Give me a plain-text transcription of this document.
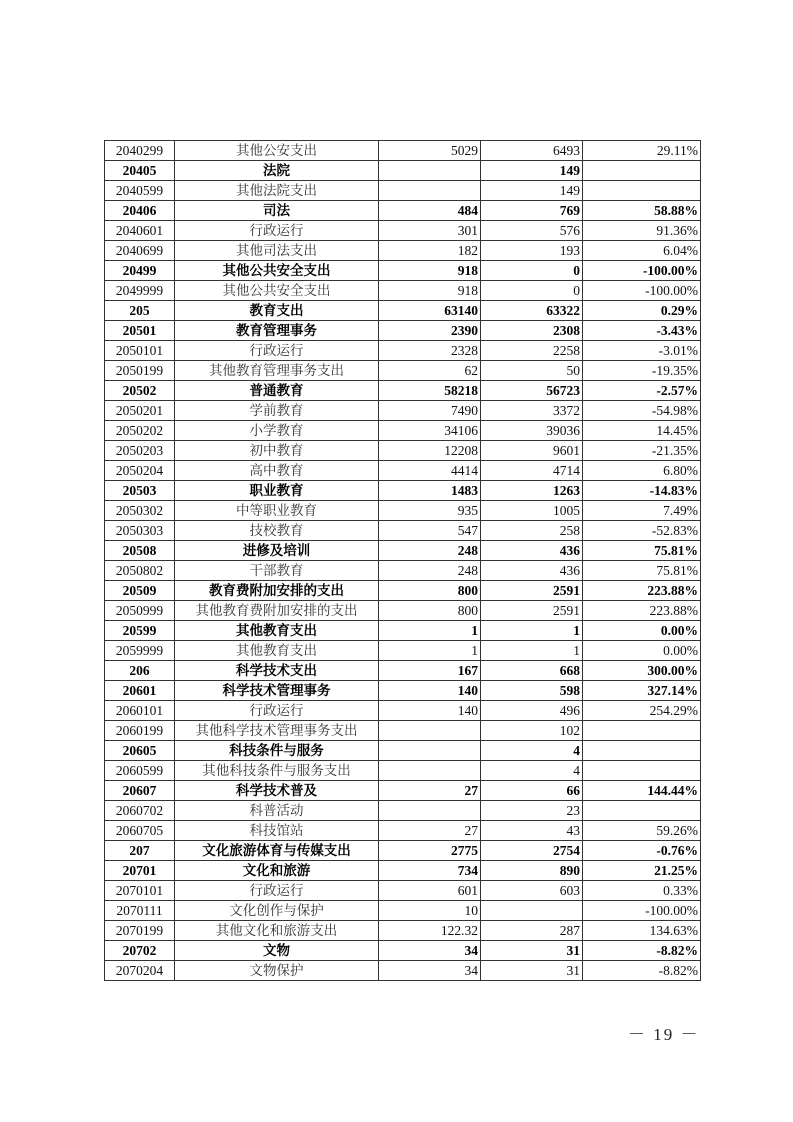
2040299	其他公安支出	5029	6493	29.11%
20405	法院		149	
2040599	其他法院支出		149	
20406	司法	484	769	58.88%
2040601	行政运行	301	576	91.36%
2040699	其他司法支出	182	193	6.04%
20499	其他公共安全支出	918	0	-100.00%
2049999	其他公共安全支出	918	0	-100.00%
205	教育支出	63140	63322	0.29%
20501	教育管理事务	2390	2308	-3.43%
2050101	行政运行	2328	2258	-3.01%
2050199	其他教育管理事务支出	62	50	-19.35%
20502	普通教育	58218	56723	-2.57%
2050201	学前教育	7490	3372	-54.98%
2050202	小学教育	34106	39036	14.45%
2050203	初中教育	12208	9601	-21.35%
2050204	高中教育	4414	4714	6.80%
20503	职业教育	1483	1263	-14.83%
2050302	中等职业教育	935	1005	7.49%
2050303	技校教育	547	258	-52.83%
20508	进修及培训	248	436	75.81%
2050802	干部教育	248	436	75.81%
20509	教育费附加安排的支出	800	2591	223.88%
2050999	其他教育费附加安排的支出	800	2591	223.88%
20599	其他教育支出	1	1	0.00%
2059999	其他教育支出	1	1	0.00%
206	科学技术支出	167	668	300.00%
20601	科学技术管理事务	140	598	327.14%
2060101	行政运行	140	496	254.29%
2060199	其他科学技术管理事务支出		102	
20605	科技条件与服务		4	
2060599	其他科技条件与服务支出		4	
20607	科学技术普及	27	66	144.44%
2060702	科普活动		23	
2060705	科技馆站	27	43	59.26%
207	文化旅游体育与传媒支出	2775	2754	-0.76%
20701	文化和旅游	734	890	21.25%
2070101	行政运行	601	603	0.33%
2070111	文化创作与保护	10		-100.00%
2070199	其他文化和旅游支出	122.32	287	134.63%
20702	文物	34	31	-8.82%
2070204	文物保护	34	31	-8.82%
－ 19 －
